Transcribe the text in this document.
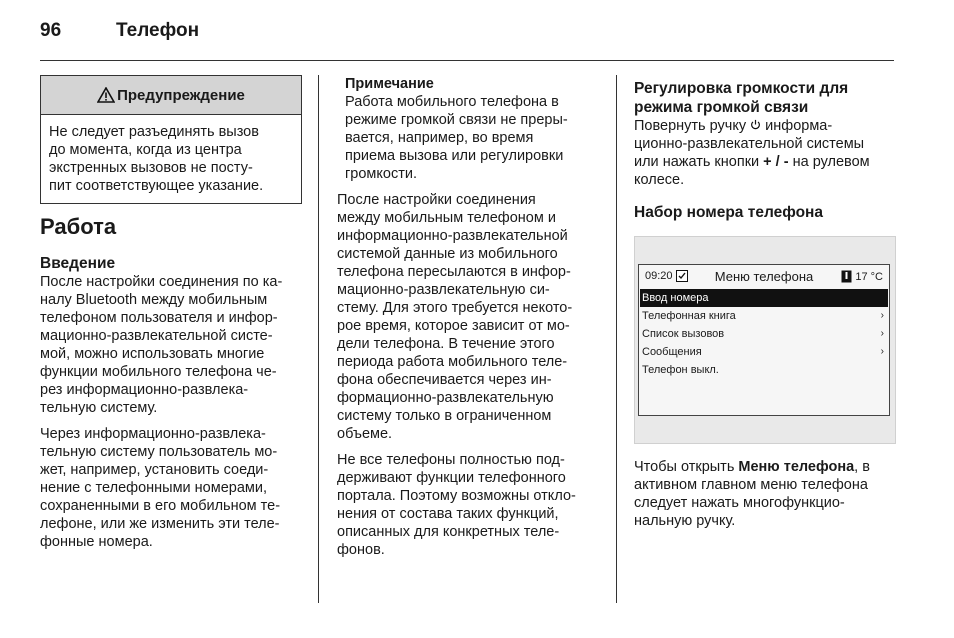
96	Телефон
Предупреждение

Не следует разъединять вызов

до момента, когда из центра

экстренных вызовов не посту-

пит соответствующее указание.

Работа
Введение

После настройки соединения по ка-

налу Bluetooth между мобильным

телефоном пользователя и инфор-

мационно-развлекательной систе-

мой, можно использовать многие

функции мобильного телефона че-

рез информационно-развлека-

тельную систему.

Через информационно-развлека-

тельную систему пользователь мо-

жет, например, установить соеди-

нение с телефонными номерами,

сохраненными в его мобильном те-

лефоне, или же изменить эти теле-

фонные номера.

Примечание

Работа мобильного телефона в

режиме громкой связи не преры-

вается, например, во время

приема вызова или регулировки

громкости.

После настройки соединения

между мобильным телефоном и

информационно-развлекательной

системой данные из мобильного

телефона пересылаются в инфор-

мационно-развлекательную си-

стему. Для этого требуется некото-

рое время, которое зависит от мо-

дели телефона. В течение этого

периода работа мобильного теле-

фона обеспечивается через ин-

формационно-развлекательную

систему только в ограниченном

объеме.

Не все телефоны полностью под-

держивают функции телефонного

портала. Поэтому возможны откло-

нения от состава таких функций,

описанных для конкретных теле-

фонов.

Регулировка громкости для
режима громкой связи

Повернуть ручку  информа-

ционно-развлекательной системы

или нажать кнопки + / - на рулевом

колесе.

Набор номера телефона
09:20	Меню телефона	17 °C
Ввод номера
Телефонная книга	›
Список вызовов	›
Сообщения	›
Телефон выкл.

Чтобы открыть Меню телефона, в

активном главном меню телефона

следует нажать многофункцио-

нальную ручку.
